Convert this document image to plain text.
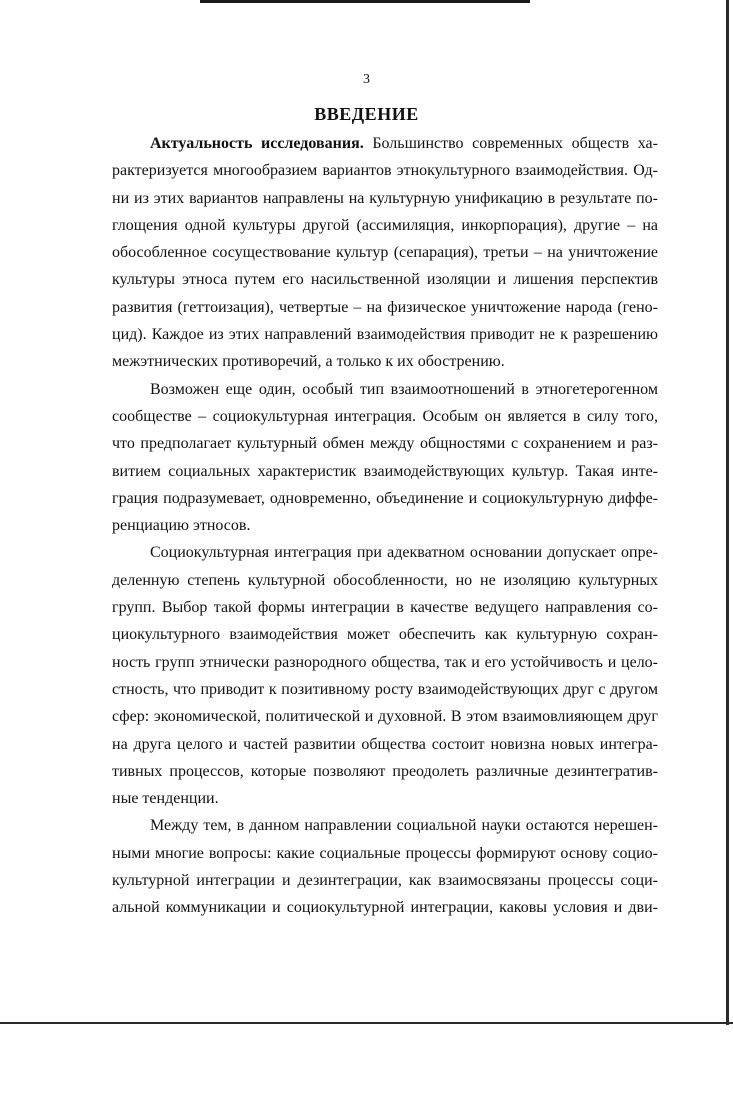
3
ВВЕДЕНИЕ

Актуальность исследования. Большинство современных обществ ха-
рактеризуется многообразием вариантов этнокультурного взаимодействия. Од-
ни из этих вариантов направлены на культурную унификацию в результате по-
глощения одной культуры другой (ассимиляция, инкорпорация), другие – на
обособленное сосуществование культур (сепарация), третьи – на уничтожение
культуры этноса путем его насильственной изоляции и лишения перспектив
развития (геттоизация), четвертые – на физическое уничтожение народа (гено-
цид). Каждое из этих направлений взаимодействия приводит не к разрешению
межэтнических противоречий, а только к их обострению.

Возможен еще один, особый тип взаимоотношений в этногетерогенном
сообществе – социокультурная интеграция. Особым он является в силу того,
что предполагает культурный обмен между общностями с сохранением и раз-
витием социальных характеристик взаимодействующих культур. Такая инте-
грация подразумевает, одновременно, объединение и социокультурную диффе-
ренциацию этносов.

Социокультурная интеграция при адекватном основании допускает опре-
деленную степень культурной обособленности, но не изоляцию культурных
групп. Выбор такой формы интеграции в качестве ведущего направления со-
циокультурного взаимодействия может обеспечить как культурную сохран-
ность групп этнически разнородного общества, так и его устойчивость и цело-
стность, что приводит к позитивному росту взаимодействующих друг с другом
сфер: экономической, политической и духовной. В этом взаимовлияющем друг
на друга целого и частей развитии общества состоит новизна новых интегра-
тивных процессов, которые позволяют преодолеть различные дезинтегратив-
ные тенденции.

Между тем, в данном направлении социальной науки остаются нерешен-
ными многие вопросы: какие социальные процессы формируют основу социо-
культурной интеграции и дезинтеграции, как взаимосвязаны процессы соци-
альной коммуникации и социокультурной интеграции, каковы условия и дви-
